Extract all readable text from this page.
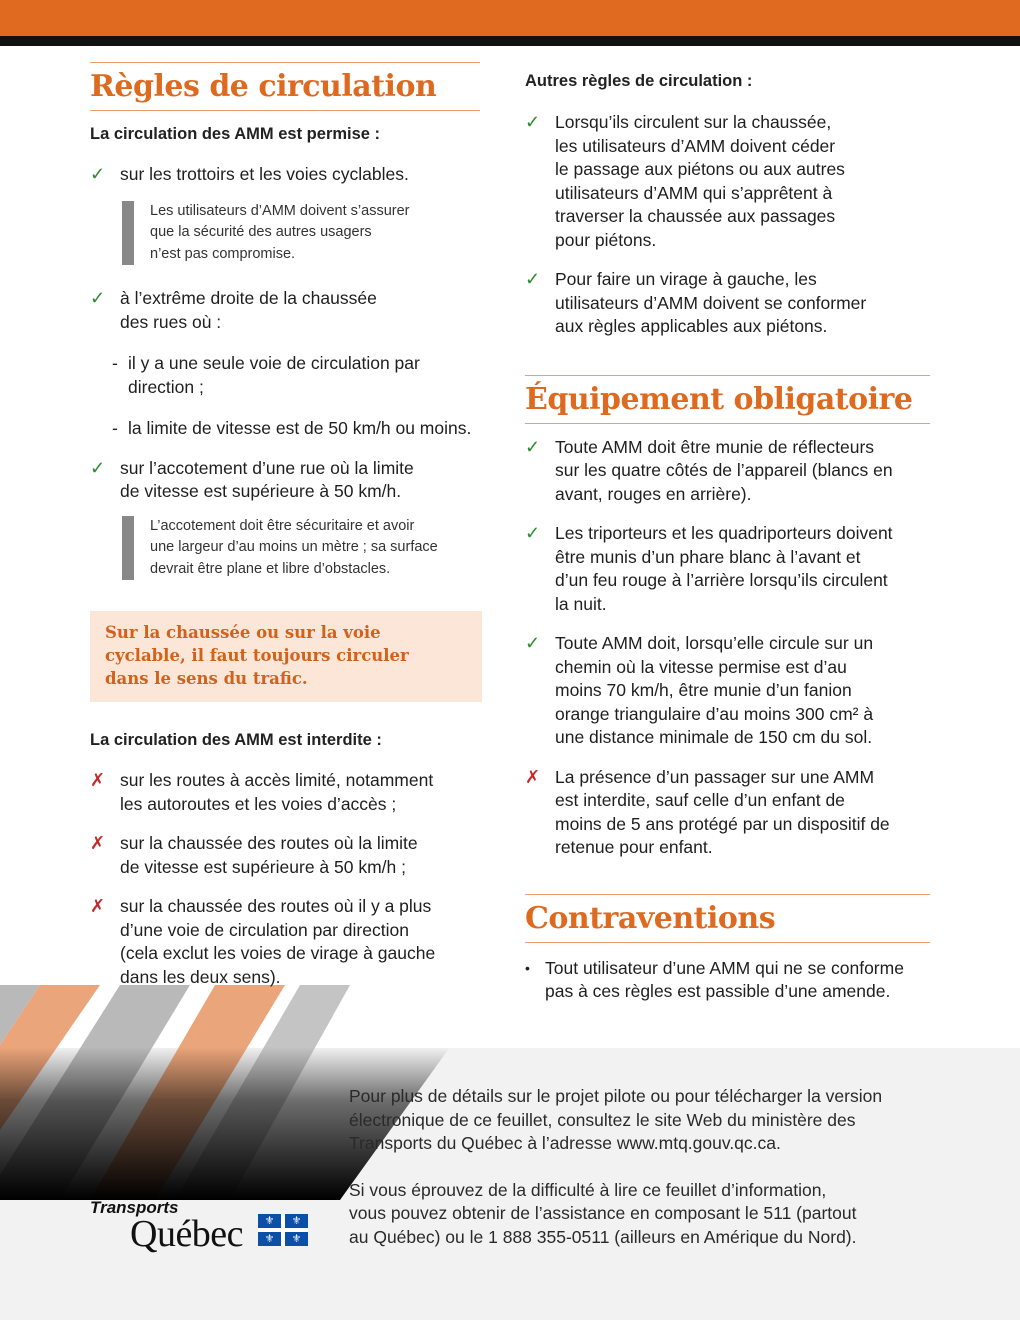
Règles de circulation

La circulation des AMM est permise :

✓ sur les trottoirs et les voies cyclables.
Les utilisateurs d’AMM doivent s’assurer
que la sécurité des autres usagers
n’est pas compromise.
✓ à l’extrême droite de la chaussée
des rues où :
- il y a une seule voie de circulation par
direction ;
- la limite de vitesse est de 50 km/h ou moins.
✓ sur l’accotement d’une rue où la limite
de vitesse est supérieure à 50 km/h.
L’accotement doit être sécuritaire et avoir
une largeur d’au moins un mètre ; sa surface
devrait être plane et libre d’obstacles.
Sur la chaussée ou sur la voie
cyclable, il faut toujours circuler
dans le sens du trafic.

La circulation des AMM est interdite :

✗ sur les routes à accès limité, notamment
les autoroutes et les voies d’accès ;
✗ sur la chaussée des routes où la limite
de vitesse est supérieure à 50 km/h ;
✗ sur la chaussée des routes où il y a plus
d’une voie de circulation par direction
(cela exclut les voies de virage à gauche
dans les deux sens).

Autres règles de circulation :

✓ Lorsqu’ils circulent sur la chaussée,
les utilisateurs d’AMM doivent céder
le passage aux piétons ou aux autres
utilisateurs d’AMM qui s’apprêtent à
traverser la chaussée aux passages
pour piétons.
✓ Pour faire un virage à gauche, les
utilisateurs d’AMM doivent se conformer
aux règles applicables aux piétons.
Équipement obligatoire
✓ Toute AMM doit être munie de réflecteurs
sur les quatre côtés de l’appareil (blancs en
avant, rouges en arrière).
✓ Les triporteurs et les quadriporteurs doivent
être munis d’un phare blanc à l’avant et
d’un feu rouge à l’arrière lorsqu’ils circulent
la nuit.
✓ Toute AMM doit, lorsqu’elle circule sur un
chemin où la vitesse permise est d’au
moins 70 km/h, être munie d’un fanion
orange triangulaire d’au moins 300 cm² à
une distance minimale de 150 cm du sol.
✗ La présence d’un passager sur une AMM
est interdite, sauf celle d’un enfant de
moins de 5 ans protégé par un dispositif de
retenue pour enfant.
Contraventions
• Tout utilisateur d’une AMM qui ne se conforme
pas à ces règles est passible d’une amende.

Pour plus de détails sur le projet pilote ou pour télécharger la version
électronique de ce feuillet, consultez le site Web du ministère des
Transports du Québec à l’adresse www.mtq.gouv.qc.ca.

Si vous éprouvez de la difficulté à lire ce feuillet d’information,
vous pouvez obtenir de l’assistance en composant le 511 (partout
au Québec) ou le 1 888 355-0511 (ailleurs en Amérique du Nord).

Transports
Québec	⚜	⚜
⚜	⚜
